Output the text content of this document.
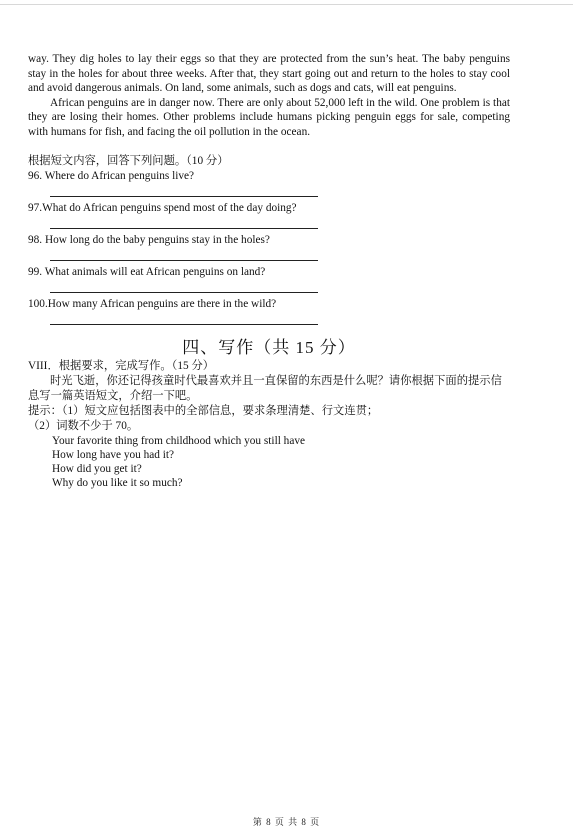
way. They dig holes to lay their eggs so that they are protected from the sun’s heat. The baby penguins stay in the holes for about three weeks. After that, they start going out and return to the holes to stay cool and avoid dangerous animals. On land, some animals, such as dogs and cats, will eat penguins.

African penguins are in danger now. There are only about 52,000 left in the wild. One problem is that they are losing their homes. Other problems include humans picking penguin eggs for sale, competing with humans for fish, and facing the oil pollution in the ocean.

根据短文内容，回答下列问题。（10 分）
96. Where do African penguins live?
97.What do African penguins spend most of the day doing?
98. How long do the baby penguins stay in the holes?
99. What animals will eat African penguins on land?
100.How many African penguins are there in the wild?
四、写作（共 15 分）
VIII．根据要求，完成写作。（15 分）
时光飞逝，你还记得孩童时代最喜欢并且一直保留的东西是什么呢？请你根据下面的提示信息写一篇英语短文，介绍一下吧。
提示：（1）短文应包括图表中的全部信息，要求条理清楚、行文连贯；
（2）词数不少于 70。
Your favorite thing from childhood which you still have
How long have you had it?
How did you get it?
Why do you like it so much?
第 8 页 共 8 页
